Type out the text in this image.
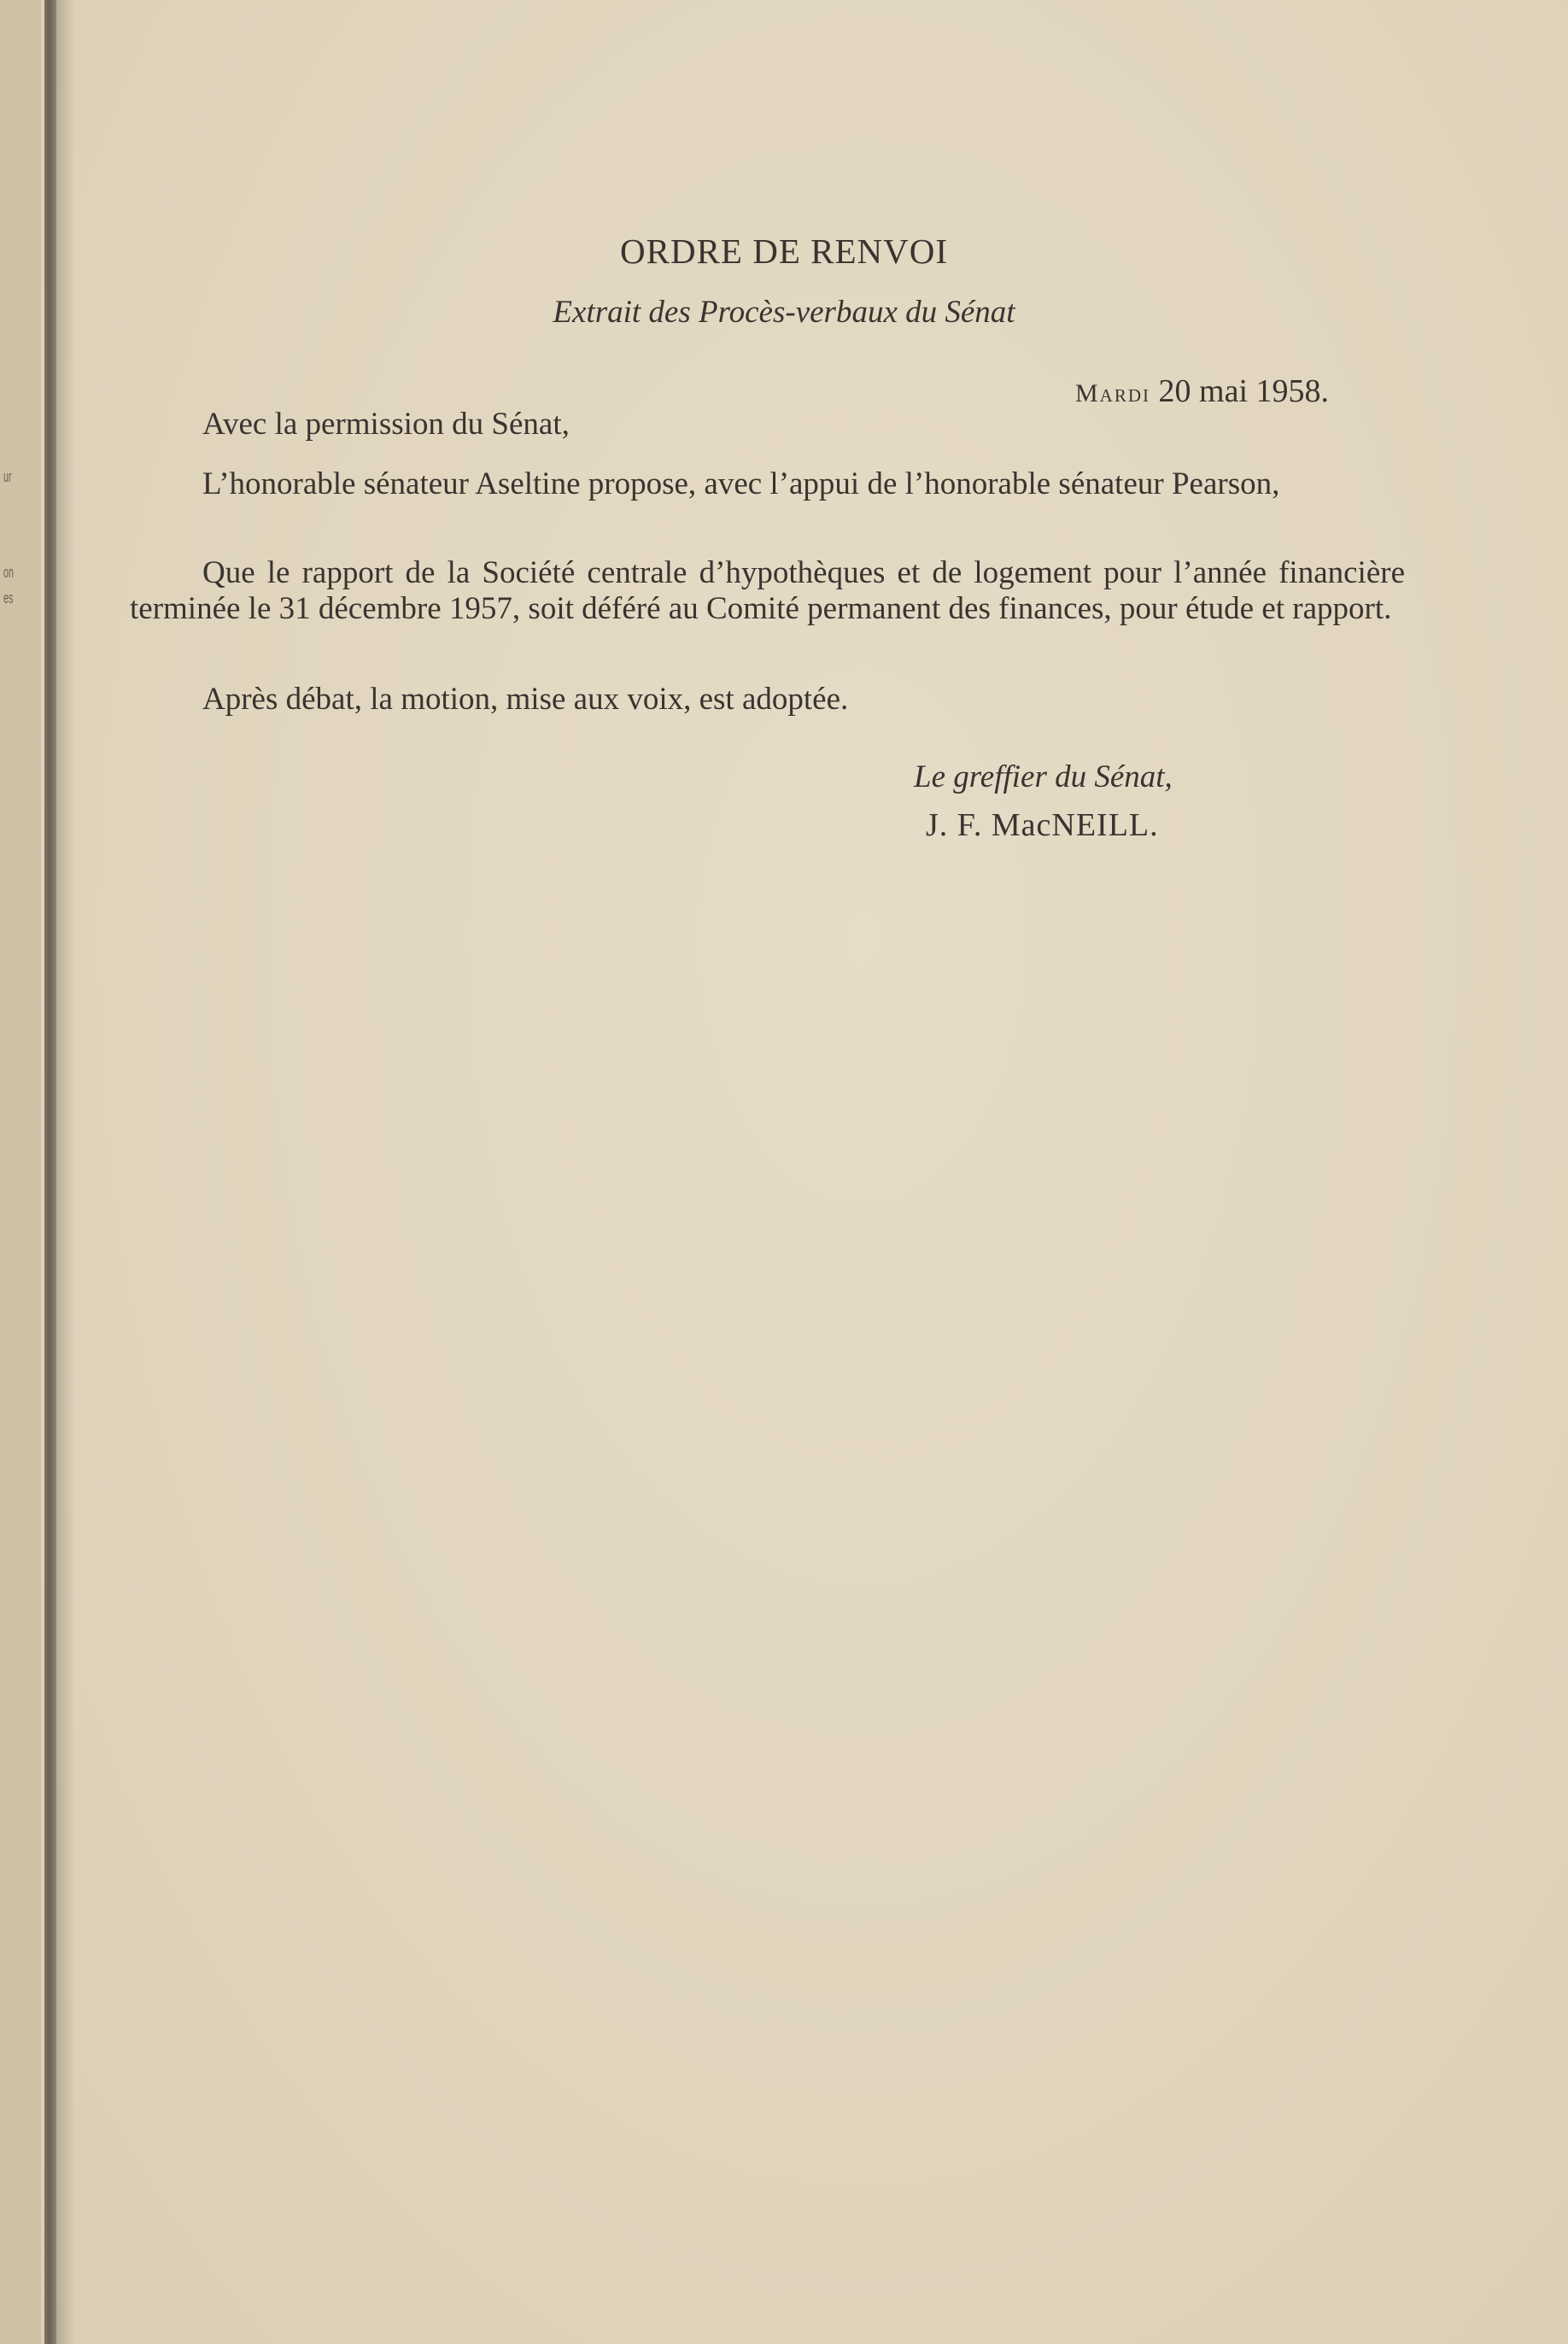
ur
on
es
ORDRE DE RENVOI
Extrait des Procès-verbaux du Sénat
Mardi 20 mai 1958.
Avec la permission du Sénat,
L’honorable sénateur Aseltine propose, avec l’appui de l’honorable sénateur Pearson,
Que le rapport de la Société centrale d’hypothèques et de logement pour l’année financière terminée le 31 décembre 1957, soit déféré au Comité permanent des finances, pour étude et rapport.
Après débat, la motion, mise aux voix, est adoptée.
Le greffier du Sénat,
J. F. MacNEILL.
